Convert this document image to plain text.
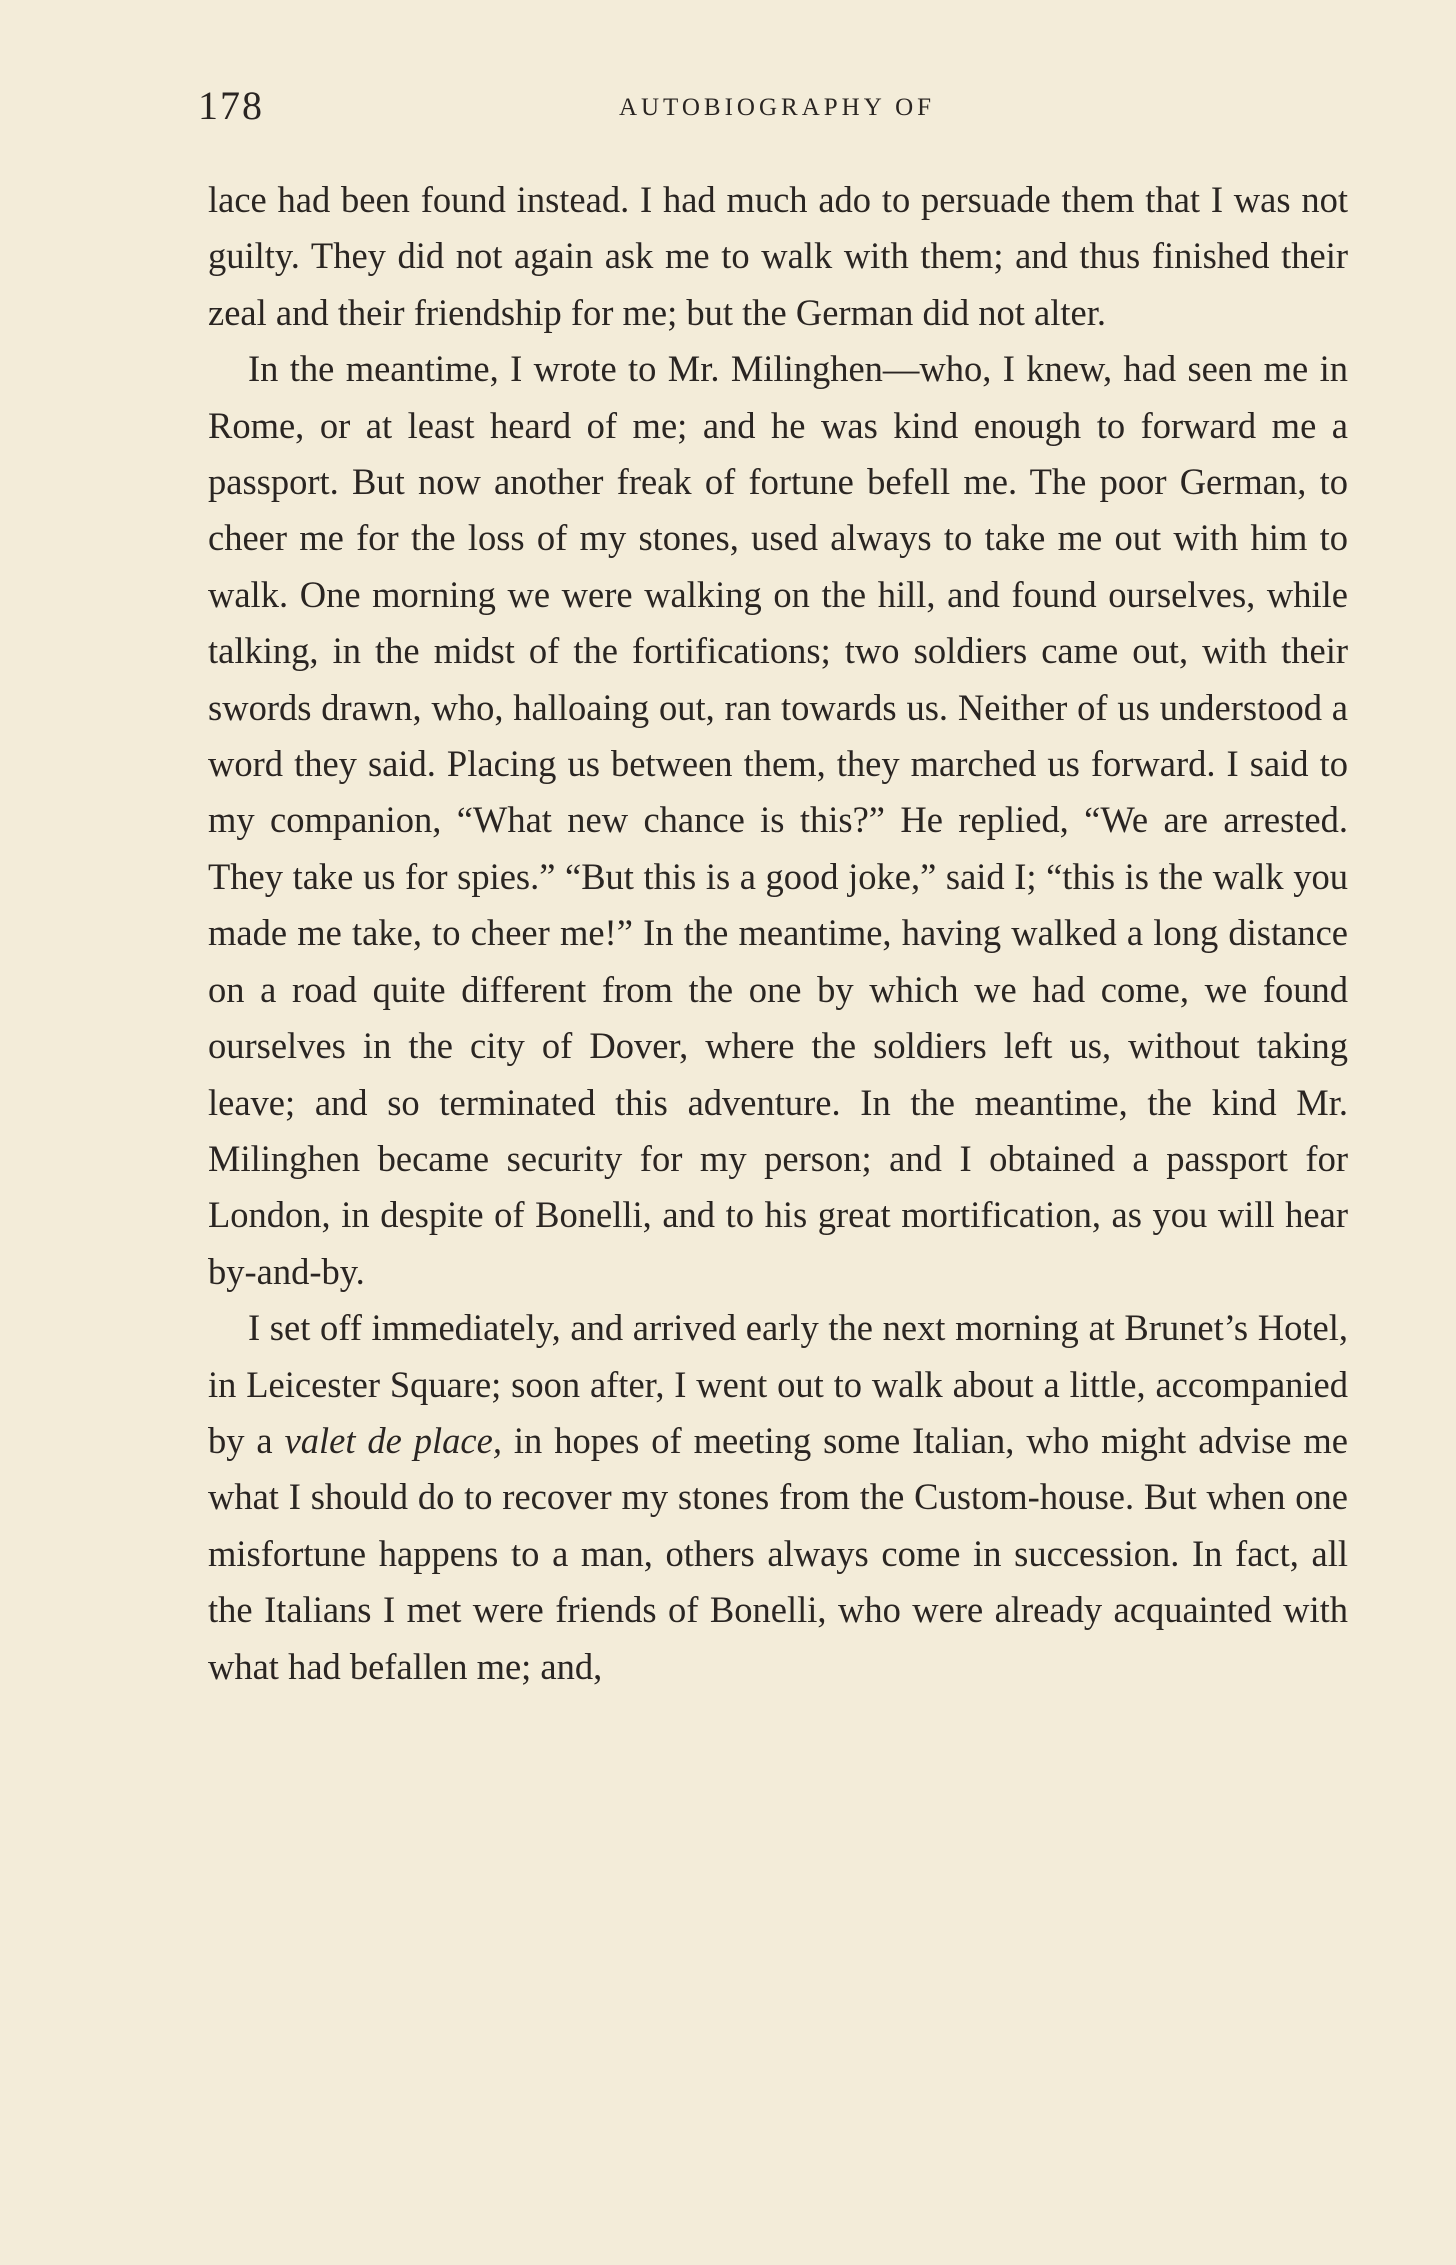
178	AUTOBIOGRAPHY OF

lace had been found instead. I had much ado to persuade them that I was not guilty. They did not again ask me to walk with them; and thus finished their zeal and their friendship for me; but the German did not alter.

In the meantime, I wrote to Mr. Milinghen—who, I knew, had seen me in Rome, or at least heard of me; and he was kind enough to forward me a passport. But now another freak of fortune befell me. The poor German, to cheer me for the loss of my stones, used always to take me out with him to walk. One morning we were walking on the hill, and found ourselves, while talking, in the midst of the fortifications; two soldiers came out, with their swords drawn, who, halloaing out, ran towards us. Neither of us understood a word they said. Placing us between them, they marched us forward. I said to my companion, “What new chance is this?” He replied, “We are arrested. They take us for spies.” “But this is a good joke,” said I; “this is the walk you made me take, to cheer me!” In the meantime, having walked a long distance on a road quite different from the one by which we had come, we found ourselves in the city of Dover, where the soldiers left us, without taking leave; and so terminated this adventure. In the meantime, the kind Mr. Milinghen became security for my person; and I obtained a passport for London, in despite of Bonelli, and to his great mortification, as you will hear by-and-by.

I set off immediately, and arrived early the next morning at Brunet’s Hotel, in Leicester Square; soon after, I went out to walk about a little, accompanied by a valet de place, in hopes of meeting some Italian, who might advise me what I should do to recover my stones from the Custom-house. But when one misfortune happens to a man, others always come in succession. In fact, all the Italians I met were friends of Bonelli, who were already acquainted with what had befallen me; and,
